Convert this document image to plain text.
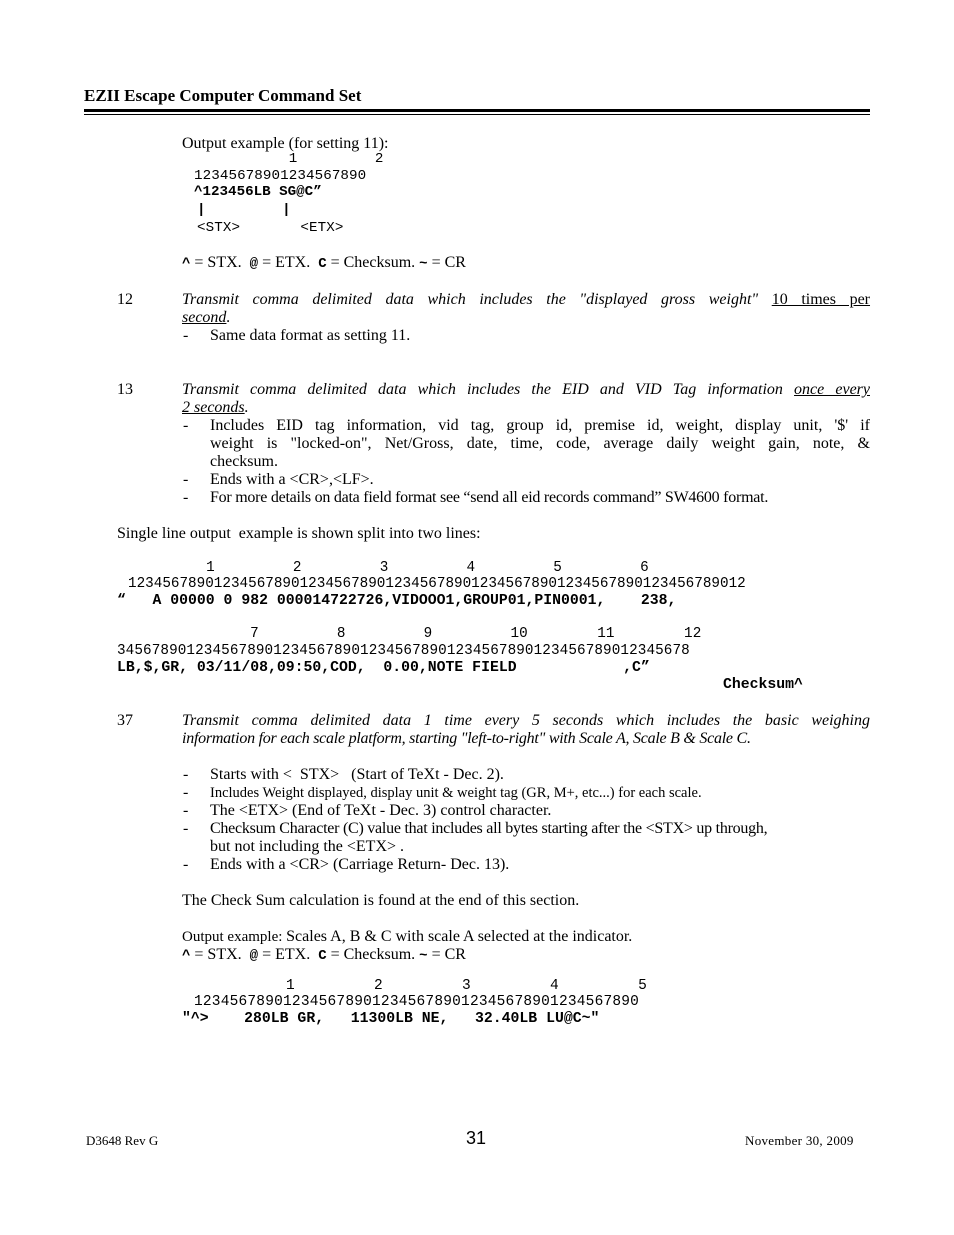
EZII Escape Computer Command Set
Output example (for setting 11):
1         2
12345678901234567890
^123456LB SG@C”
|         |
<STX>       <ETX>
^ = STX. @ = ETX. C = Checksum. ~ = CR
12	Transmit comma delimited data which includes the "displayed gross weight" 10 times per
second.
- Same data format as setting 11.
13	Transmit comma delimited data which includes the EID and VID Tag information once every
2 seconds.
- Includes EID tag information, vid tag, group id, premise id, weight, display unit, '$' if
weight is "locked-on", Net/Gross, date, time, code, average daily weight gain, note, &
checksum.
- Ends with a <CR>,<LF>.
- For more details on data field format see “send all eid records command” SW4600 format.
Single line output  example is shown split into two lines:
1         2         3         4         5         6
123456789012345678901234567890123456789012345678901234567890123456789012
“   A 00000 0 982 000014722726,VIDOOO1,GROUP01,PIN0001,    238,
7         8         9         10        11        12
345678901234567890123456789012345678901234567890123456789012345678
LB,$,GR, 03/11/08,09:50,COD,  0.00,NOTE FIELD            ,C”
Checksum^
37	Transmit comma delimited data 1 time every 5 seconds which includes the basic weighing
information for each scale platform, starting "left-to-right" with Scale A, Scale B & Scale C.
- Starts with <  STX>   (Start of TeXt - Dec. 2).
- Includes Weight displayed, display unit & weight tag (GR, M+, etc...) for each scale.
- The <ETX> (End of TeXt - Dec. 3) control character.
- Checksum Character (C) value that includes all bytes starting after the <STX> up through,
but not including the <ETX> .
- Ends with a <CR> (Carriage Return- Dec. 13).
The Check Sum calculation is found at the end of this section.
Output example: Scales A, B & C with scale A selected at the indicator.
^ = STX. @ = ETX. C = Checksum. ~ = CR
1         2         3         4         5
12345678901234567890123456789012345678901234567890
"^>    280LB GR,   11300LB NE,   32.40LB LU@C~"
D3648 Rev G	31	November 30, 2009
